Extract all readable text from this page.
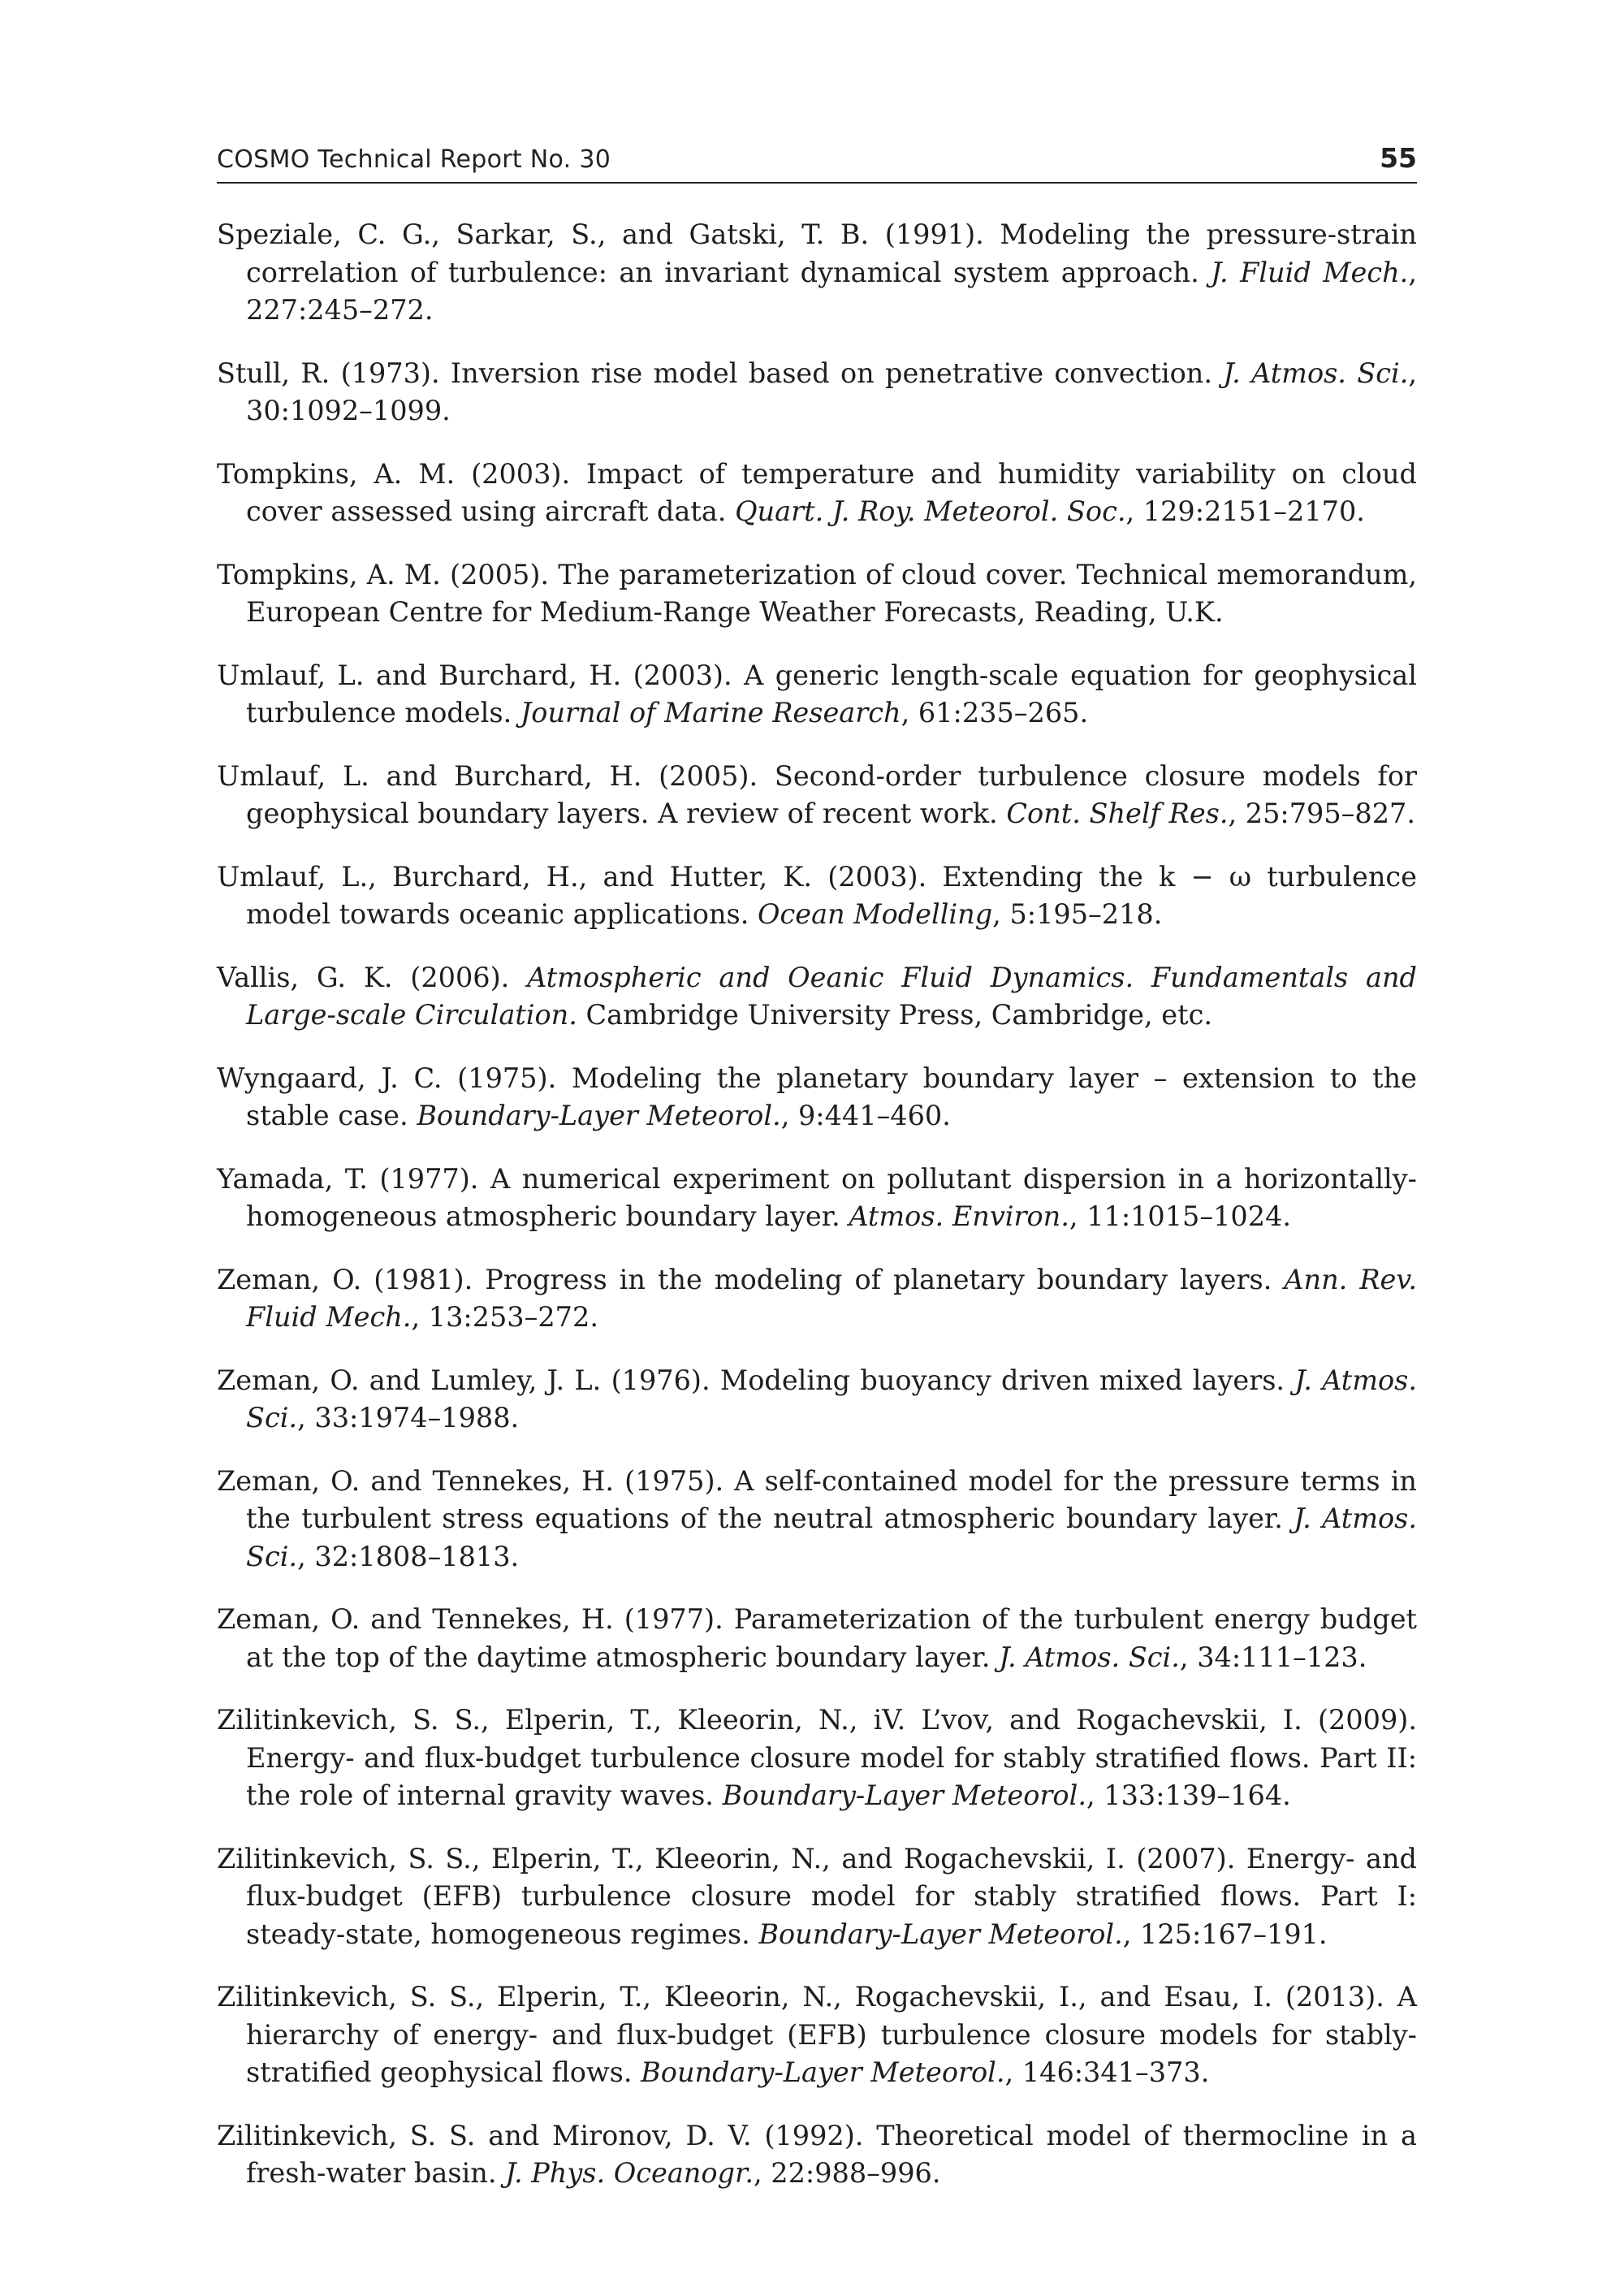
COSMO Technical Report No. 30	55

Speziale, C. G., Sarkar, S., and Gatski, T. B. (1991). Modeling the pressure-strain correlation of turbulence: an invariant dynamical system approach. J. Fluid Mech., 227:245–272.

Stull, R. (1973). Inversion rise model based on penetrative convection. J. Atmos. Sci., 30:1092–1099.

Tompkins, A. M. (2003). Impact of temperature and humidity variability on cloud cover assessed using aircraft data. Quart. J. Roy. Meteorol. Soc., 129:2151–2170.

Tompkins, A. M. (2005). The parameterization of cloud cover. Technical memorandum, European Centre for Medium-Range Weather Forecasts, Reading, U.K.

Umlauf, L. and Burchard, H. (2003). A generic length-scale equation for geophysical turbulence models. Journal of Marine Research, 61:235–265.

Umlauf, L. and Burchard, H. (2005). Second-order turbulence closure models for geophysical boundary layers. A review of recent work. Cont. Shelf Res., 25:795–827.

Umlauf, L., Burchard, H., and Hutter, K. (2003). Extending the k − ω turbulence model towards oceanic applications. Ocean Modelling, 5:195–218.

Vallis, G. K. (2006). Atmospheric and Oeanic Fluid Dynamics. Fundamentals and Large-scale Circulation. Cambridge University Press, Cambridge, etc.

Wyngaard, J. C. (1975). Modeling the planetary boundary layer – extension to the stable case. Boundary-Layer Meteorol., 9:441–460.

Yamada, T. (1977). A numerical experiment on pollutant dispersion in a horizontally-homogeneous atmospheric boundary layer. Atmos. Environ., 11:1015–1024.

Zeman, O. (1981). Progress in the modeling of planetary boundary layers. Ann. Rev. Fluid Mech., 13:253–272.

Zeman, O. and Lumley, J. L. (1976). Modeling buoyancy driven mixed layers. J. Atmos. Sci., 33:1974–1988.

Zeman, O. and Tennekes, H. (1975). A self-contained model for the pressure terms in the turbulent stress equations of the neutral atmospheric boundary layer. J. Atmos. Sci., 32:1808–1813.

Zeman, O. and Tennekes, H. (1977). Parameterization of the turbulent energy budget at the top of the daytime atmospheric boundary layer. J. Atmos. Sci., 34:111–123.

Zilitinkevich, S. S., Elperin, T., Kleeorin, N., iV. L’vov, and Rogachevskii, I. (2009). Energy- and flux-budget turbulence closure model for stably stratified flows. Part II: the role of internal gravity waves. Boundary-Layer Meteorol., 133:139–164.

Zilitinkevich, S. S., Elperin, T., Kleeorin, N., and Rogachevskii, I. (2007). Energy- and flux-budget (EFB) turbulence closure model for stably stratified flows. Part I: steady-state, homogeneous regimes. Boundary-Layer Meteorol., 125:167–191.

Zilitinkevich, S. S., Elperin, T., Kleeorin, N., Rogachevskii, I., and Esau, I. (2013). A hierarchy of energy- and flux-budget (EFB) turbulence closure models for stably-stratified geophysical flows. Boundary-Layer Meteorol., 146:341–373.

Zilitinkevich, S. S. and Mironov, D. V. (1992). Theoretical model of thermocline in a fresh-water basin. J. Phys. Oceanogr., 22:988–996.
